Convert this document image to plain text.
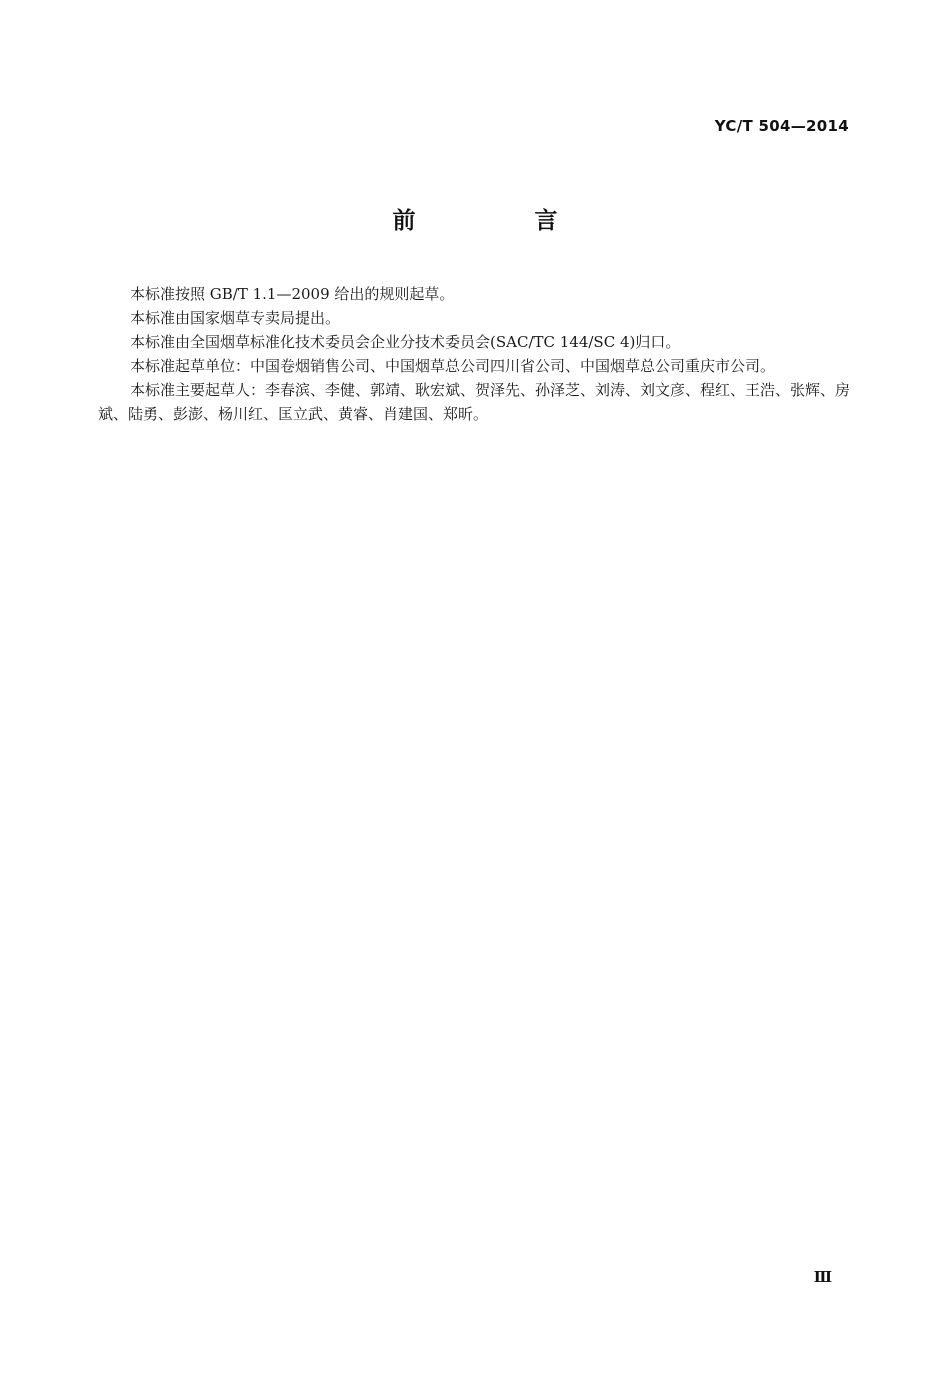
YC/T 504—2014
前　言

本标准按照 GB/T 1.1—2009 给出的规则起草。

本标准由国家烟草专卖局提出。

本标准由全国烟草标准化技术委员会企业分技术委员会(SAC/TC 144/SC 4)归口。

本标准起草单位：中国卷烟销售公司、中国烟草总公司四川省公司、中国烟草总公司重庆市公司。

本标准主要起草人：李春滨、李健、郭靖、耿宏斌、贺泽先、孙泽芝、刘涛、刘文彦、程红、王浩、张辉、房斌、陆勇、彭澎、杨川红、匡立武、黄睿、肖建国、郑昕。

Ⅲ
